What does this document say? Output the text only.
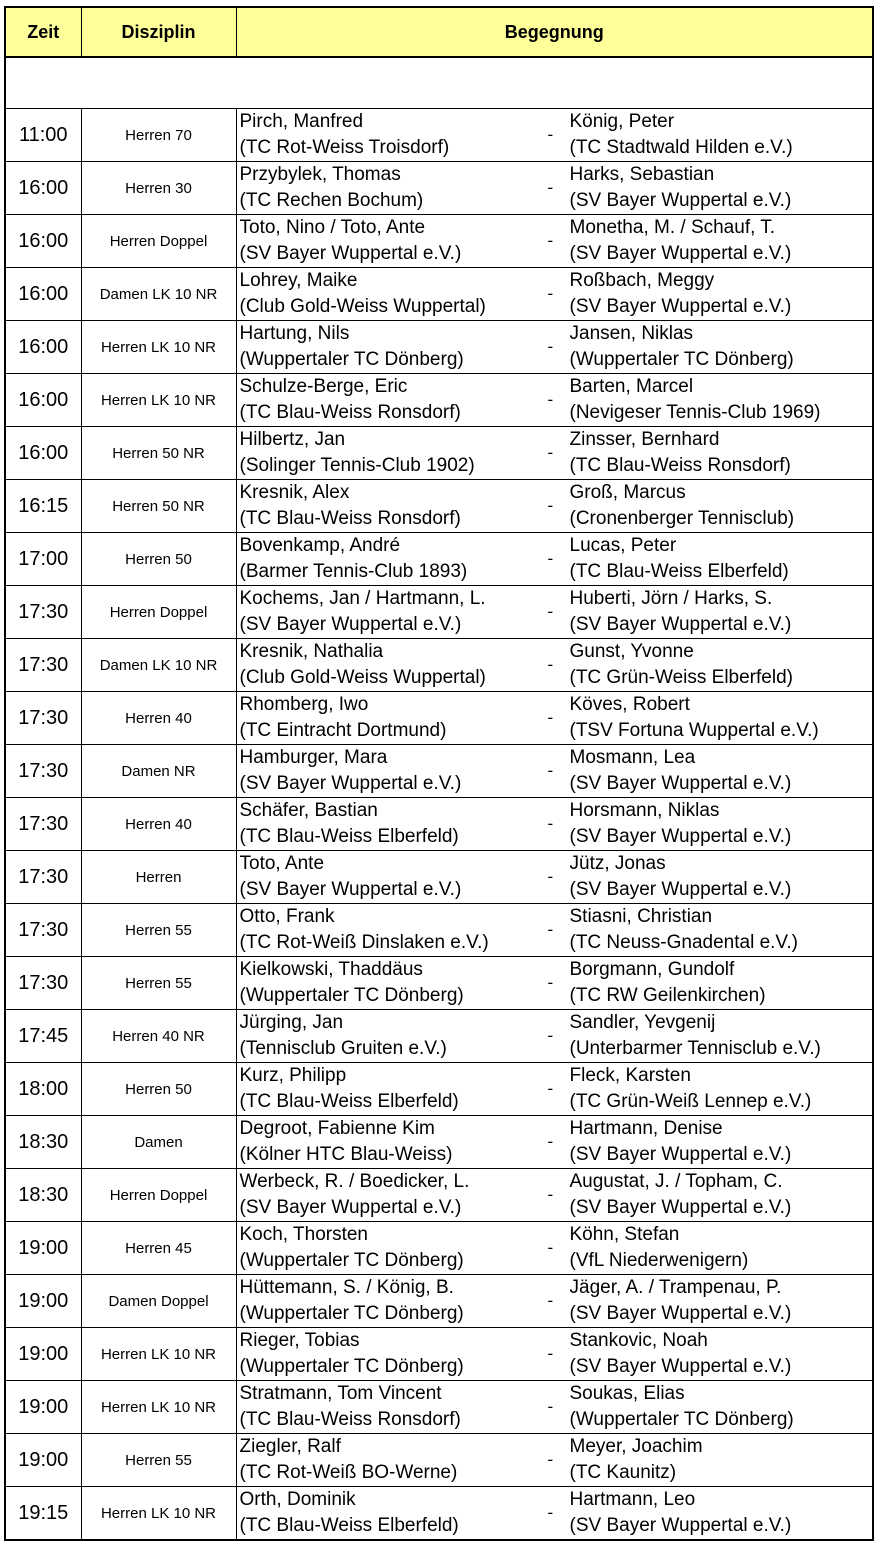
Zeit	Disziplin	Begegnung

11:00	Herren 70	Pirch, Manfred
(TC Rot-Weiss Troisdorf)
-
König, Peter
(TC Stadtwald Hilden e.V.)

16:00	Herren 30	Przybylek, Thomas
(TC Rechen Bochum)
-
Harks, Sebastian
(SV Bayer Wuppertal e.V.)

16:00	Herren Doppel	Toto, Nino / Toto, Ante
(SV Bayer Wuppertal e.V.)
-
Monetha, M. / Schauf, T.
(SV Bayer Wuppertal e.V.)

16:00	Damen LK 10 NR	Lohrey, Maike
(Club Gold-Weiss Wuppertal)
-
Roßbach, Meggy
(SV Bayer Wuppertal e.V.)

16:00	Herren LK 10 NR	Hartung, Nils
(Wuppertaler TC Dönberg)
-
Jansen, Niklas
(Wuppertaler TC Dönberg)

16:00	Herren LK 10 NR	Schulze-Berge, Eric
(TC Blau-Weiss Ronsdorf)
-
Barten, Marcel
(Nevigeser Tennis-Club 1969)

16:00	Herren 50 NR	Hilbertz, Jan
(Solinger Tennis-Club 1902)
-
Zinsser, Bernhard
(TC Blau-Weiss Ronsdorf)

16:15	Herren 50 NR	Kresnik, Alex
(TC Blau-Weiss Ronsdorf)
-
Groß, Marcus
(Cronenberger Tennisclub)

17:00	Herren 50	Bovenkamp, André
(Barmer Tennis-Club 1893)
-
Lucas, Peter
(TC Blau-Weiss Elberfeld)

17:30	Herren Doppel	Kochems, Jan / Hartmann, L.
(SV Bayer Wuppertal e.V.)
-
Huberti, Jörn / Harks, S.
(SV Bayer Wuppertal e.V.)

17:30	Damen LK 10 NR	Kresnik, Nathalia
(Club Gold-Weiss Wuppertal)
-
Gunst, Yvonne
(TC Grün-Weiss Elberfeld)

17:30	Herren 40	Rhomberg, Iwo
(TC Eintracht Dortmund)
-
Köves, Robert
(TSV Fortuna Wuppertal e.V.)

17:30	Damen NR	Hamburger, Mara
(SV Bayer Wuppertal e.V.)
-
Mosmann, Lea
(SV Bayer Wuppertal e.V.)

17:30	Herren 40	Schäfer, Bastian
(TC Blau-Weiss Elberfeld)
-
Horsmann, Niklas
(SV Bayer Wuppertal e.V.)

17:30	Herren	Toto, Ante
(SV Bayer Wuppertal e.V.)
-
Jütz, Jonas
(SV Bayer Wuppertal e.V.)

17:30	Herren 55	Otto, Frank
(TC Rot-Weiß Dinslaken e.V.)
-
Stiasni, Christian
(TC Neuss-Gnadental e.V.)

17:30	Herren 55	Kielkowski, Thaddäus
(Wuppertaler TC Dönberg)
-
Borgmann, Gundolf
(TC RW Geilenkirchen)

17:45	Herren 40 NR	Jürging, Jan
(Tennisclub Gruiten e.V.)
-
Sandler, Yevgenij
(Unterbarmer Tennisclub e.V.)

18:00	Herren 50	Kurz, Philipp
(TC Blau-Weiss Elberfeld)
-
Fleck, Karsten
(TC Grün-Weiß Lennep e.V.)

18:30	Damen	Degroot, Fabienne Kim
(Kölner HTC Blau-Weiss)
-
Hartmann, Denise
(SV Bayer Wuppertal e.V.)

18:30	Herren Doppel	Werbeck, R. / Boedicker, L.
(SV Bayer Wuppertal e.V.)
-
Augustat, J. / Topham, C.
(SV Bayer Wuppertal e.V.)

19:00	Herren 45	Koch, Thorsten
(Wuppertaler TC Dönberg)
-
Köhn, Stefan
(VfL Niederwenigern)

19:00	Damen Doppel	Hüttemann, S. / König, B.
(Wuppertaler TC Dönberg)
-
Jäger, A. / Trampenau, P.
(SV Bayer Wuppertal e.V.)

19:00	Herren LK 10 NR	Rieger, Tobias
(Wuppertaler TC Dönberg)
-
Stankovic, Noah
(SV Bayer Wuppertal e.V.)

19:00	Herren LK 10 NR	Stratmann, Tom Vincent
(TC Blau-Weiss Ronsdorf)
-
Soukas, Elias
(Wuppertaler TC Dönberg)

19:00	Herren 55	Ziegler, Ralf
(TC Rot-Weiß BO-Werne)
-
Meyer, Joachim
(TC Kaunitz)

19:15	Herren LK 10 NR	Orth, Dominik
(TC Blau-Weiss Elberfeld)
-
Hartmann, Leo
(SV Bayer Wuppertal e.V.)
